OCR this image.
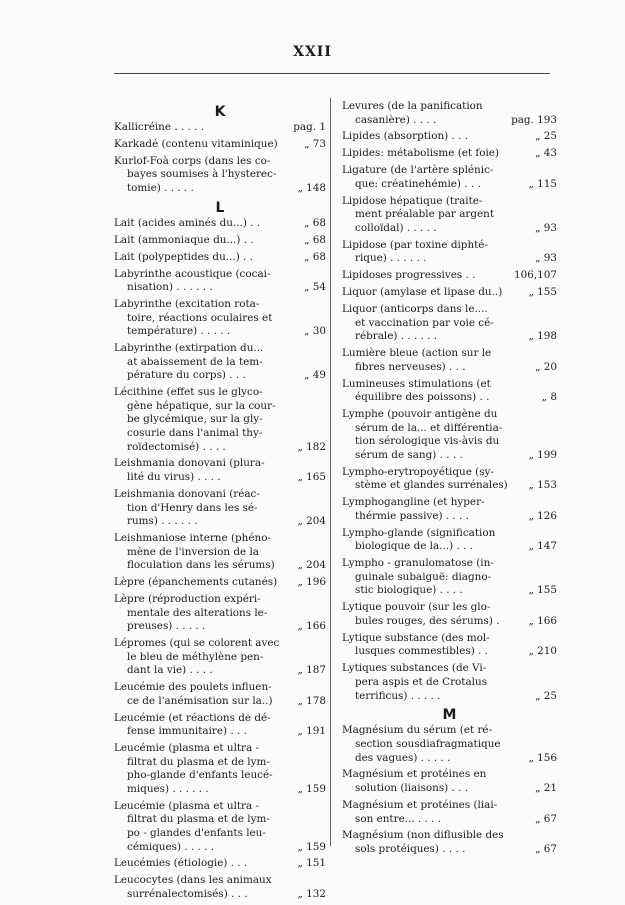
XXII
K
Kallicréine . . . . .	pag. 1
Karkadé (contenu vitaminique)	„ 73
Kurlof-Foà corps (dans les co-
bayes soumises à l'hysterec-
tomie) . . . . .	„ 148
L
Lait (acides aminés du...) . .	„ 68
Lait (ammoniaque du...) . .	„ 68
Lait (polypeptides du...) . .	„ 68
Labyrinthe acoustique (cocai-
nisation) . . . . . .	„ 54
Labyrinthe (excitation rota-
toire, réactions oculaires et
température) . . . . .	„ 30
Labyrinthe (extirpation du...
at abaissement de la tem-
pérature du corps) . . .	„ 49
Lécithine (effet sus le glyco-
gène hépatique, sur la cour-
be glycémique, sur la gly-
cosurie dans l'animal thy-
roïdectomisé) . . . .	„ 182
Leishmania donovani (plura-
lité du virus) . . . .	„ 165
Leishmania donovani (réac-
tion d'Henry dans les sé-
rums) . . . . . .	„ 204
Leishmaniose interne (phéno-
mène de l'inversion de la
floculation dans les sérums)	„ 204
Lèpre (épanchements cutanés)	„ 196
Lèpre (réproduction expéri-
mentale des alterations le-
preuses) . . . . .	„ 166
Lépromes (qui se colorent avec
le bleu de méthylène pen-
dant la vie) . . . .	„ 187
Leucémie des poulets influen-
ce de l'anémisation sur la..)	„ 178
Leucémie (et réactions de dé-
fense immunitaire) . . .	„ 191
Leucémie (plasma et ultra -
filtrat du plasma et de lym-
pho-glande d'enfants leucé-
miques) . . . . . .	„ 159
Leucémie (plasma et ultra -
filtrat du plasma et de lym-
po - glandes d'enfants leu-
cémiques) . . . . .	„ 159
Leucémies (étiologie) . . .	„ 151
Leucocytes (dans les animaux
surrénalectomisés) . . .	„ 132
Levures (de la panification
casanière) . . . .	pag. 193
Lipides (absorption) . . .	„ 25
Lipides: métabolisme (et foie)	„ 43
Ligature (de l'artère splénic-
que: créatinehémie) . . .	„ 115
Lipidose hépatique (traite-
ment préalable par argent
colloïdal) . . . . .	„ 93
Lipidose (par toxine diphté-
rique) . . . . . .	„ 93
Lipidoses progressives . .	106,107
Liquor (amylase et lipase du..)	„ 155
Liquor (anticorps dans le....
et vaccination par voie cé-
rébrale) . . . . . .	„ 198
Lumière bleue (action sur le
fibres nerveuses) . . .	„ 20
Lumineuses stimulations (et
équilibre des poissons) . .	„ 8
Lymphe (pouvoir antigène du
sérum de la... et différentia-
tion sérologique vis-àvis du
sérum de sang) . . . .	„ 199
Lympho-erytropoyétique (sy-
stème et glandes surrénales)	„ 153
Lymphogangline (et hyper-
thérmie passive) . . . .	„ 126
Lympho-glande (signification
biologique de la...) . . .	„ 147
Lympho - granulomatose (in-
guinale subaiguë: diagno-
stic biologique) . . . .	„ 155
Lytique pouvoir (sur les glo-
bules rouges, des sérums) .	„ 166
Lytique substance (des mol-
lusques commestibles) . .	„ 210
Lytiques substances (de Vi-
pera aspis et de Crotalus
terrificus) . . . . .	„ 25
M
Magnésium du sérum (et ré-
section sousdiafragmatique
des vagues) . . . . .	„ 156
Magnésium et protéines en
solution (liaisons) . . .	„ 21
Magnésium et protéines (liai-
son entre... . . . .	„ 67
Magnésium (non diflusible des
sols protéiques) . . . .	„ 67
